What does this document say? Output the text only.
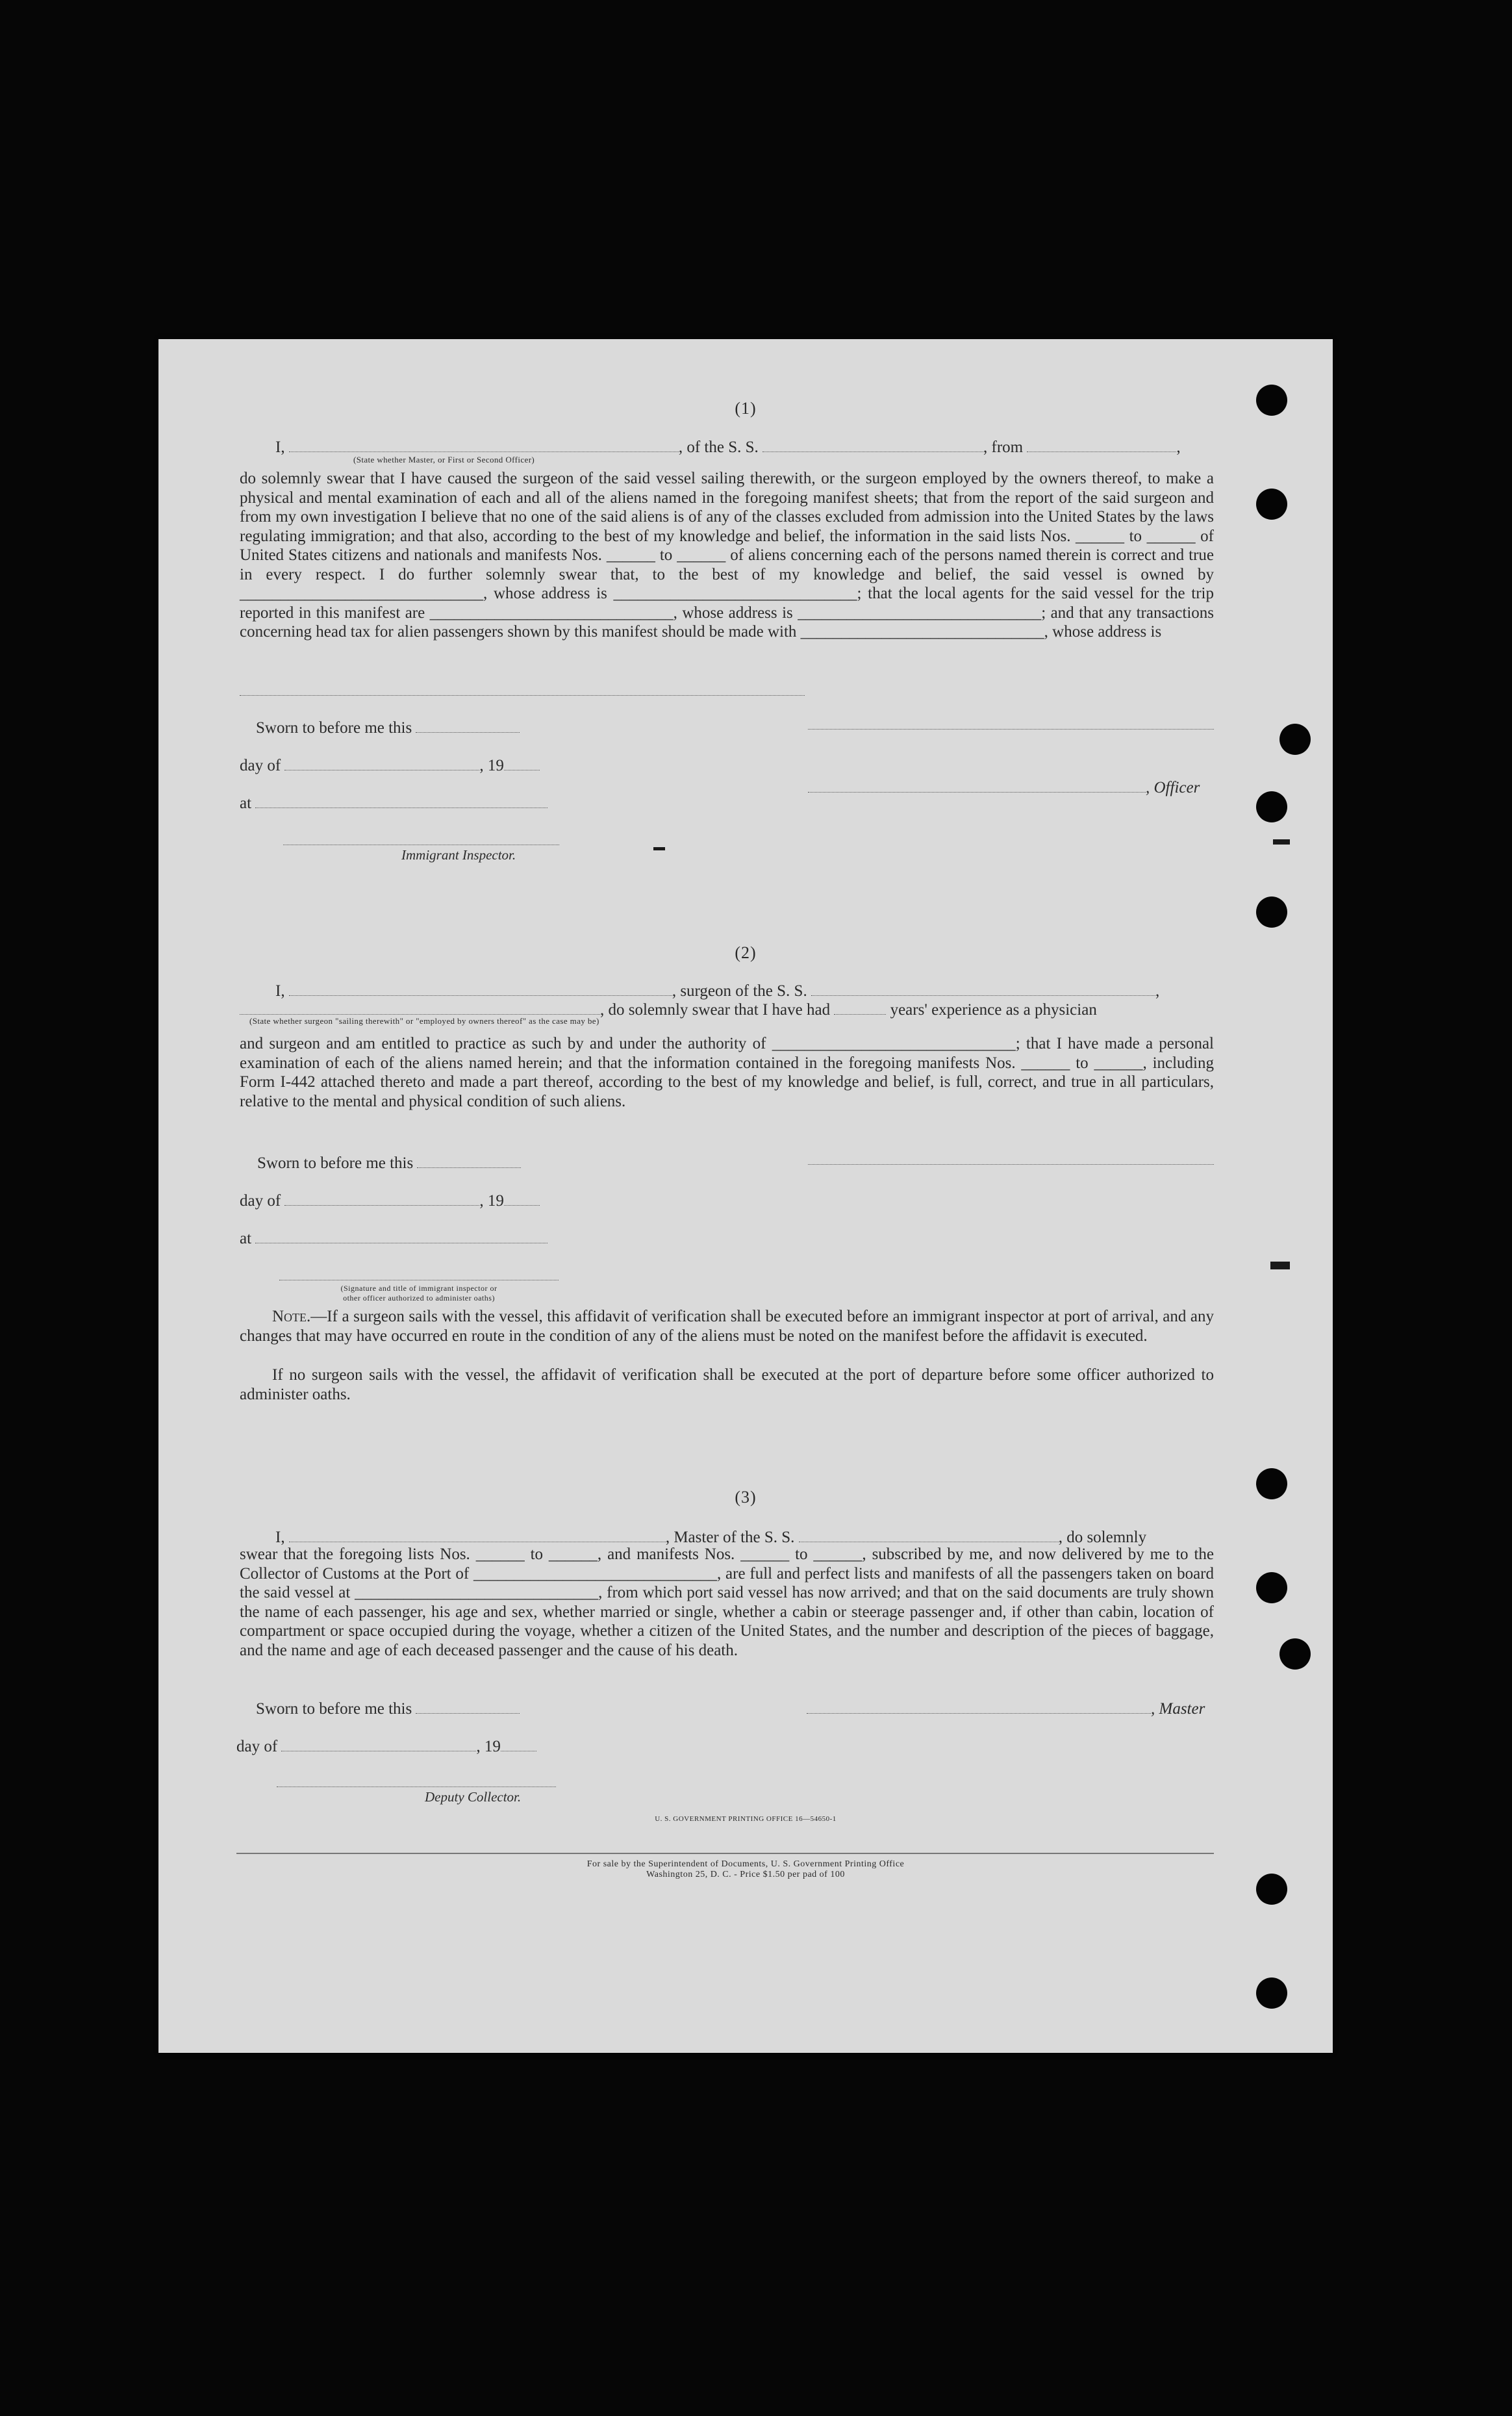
(1)
I,	, of the S. S.	, from	,
(State whether Master, or First or Second Officer)

do solemnly swear that I have caused the surgeon of the said vessel sailing therewith, or the surgeon employed by the owners thereof, to make a physical and mental examination of each and all of the aliens named in the foregoing manifest sheets; that from the report of the said surgeon and from my own investigation I believe that no one of the said aliens is of any of the classes excluded from admission into the United States by the laws regulating immigration; and that also, according to the best of my knowledge and belief, the information in the said lists Nos. ______ to ______ of United States citizens and nationals and manifests Nos. ______ to ______ of aliens concerning each of the persons named therein is correct and true in every respect. I do further solemnly swear that, to the best of my knowledge and belief, the said vessel is owned by ______________________________, whose address is ______________________________; that the local agents for the said vessel for the trip reported in this manifest are ______________________________, whose address is ______________________________; and that any transactions concerning head tax for alien passengers shown by this manifest should be made with ______________________________, whose address is

Sworn to before me this
day of	, 19
, Officer
at
Immigrant Inspector.
(2)
I,	, surgeon of the S. S.	,
, do solemnly swear that I have had	years' experience as a physician
(State whether surgeon "sailing therewith" or "employed by owners thereof" as the case may be)

and surgeon and am entitled to practice as such by and under the authority of ______________________________; that I have made a personal examination of each of the aliens named herein; and that the information contained in the foregoing manifests Nos. ______ to ______, including Form I-442 attached thereto and made a part thereof, according to the best of my knowledge and belief, is full, correct, and true in all particulars, relative to the mental and physical condition of such aliens.

Sworn to before me this
day of	, 19
at
(Signature and title of immigrant inspector or
other officer authorized to administer oaths)

Note.—If a surgeon sails with the vessel, this affidavit of verification shall be executed before an immigrant inspector at port of arrival, and any changes that may have occurred en route in the condition of any of the aliens must be noted on the manifest before the affidavit is executed.

If no surgeon sails with the vessel, the affidavit of verification shall be executed at the port of departure before some officer authorized to administer oaths.

(3)
I,	, Master of the S. S.	, do solemnly

swear that the foregoing lists Nos. ______ to ______, and manifests Nos. ______ to ______, subscribed by me, and now delivered by me to the Collector of Customs at the Port of ______________________________, are full and perfect lists and manifests of all the passengers taken on board the said vessel at ______________________________, from which port said vessel has now arrived; and that on the said documents are truly shown the name of each passenger, his age and sex, whether married or single, whether a cabin or steerage passenger and, if other than cabin, location of compartment or space occupied during the voyage, whether a citizen of the United States, and the number and description of the pieces of baggage, and the name and age of each deceased passenger and the cause of his death.

Sworn to before me this	, Master
day of	, 19
Deputy Collector.
U. S. GOVERNMENT PRINTING OFFICE 16—54650-1
For sale by the Superintendent of Documents, U. S. Government Printing Office
Washington 25, D. C. - Price $1.50 per pad of 100
